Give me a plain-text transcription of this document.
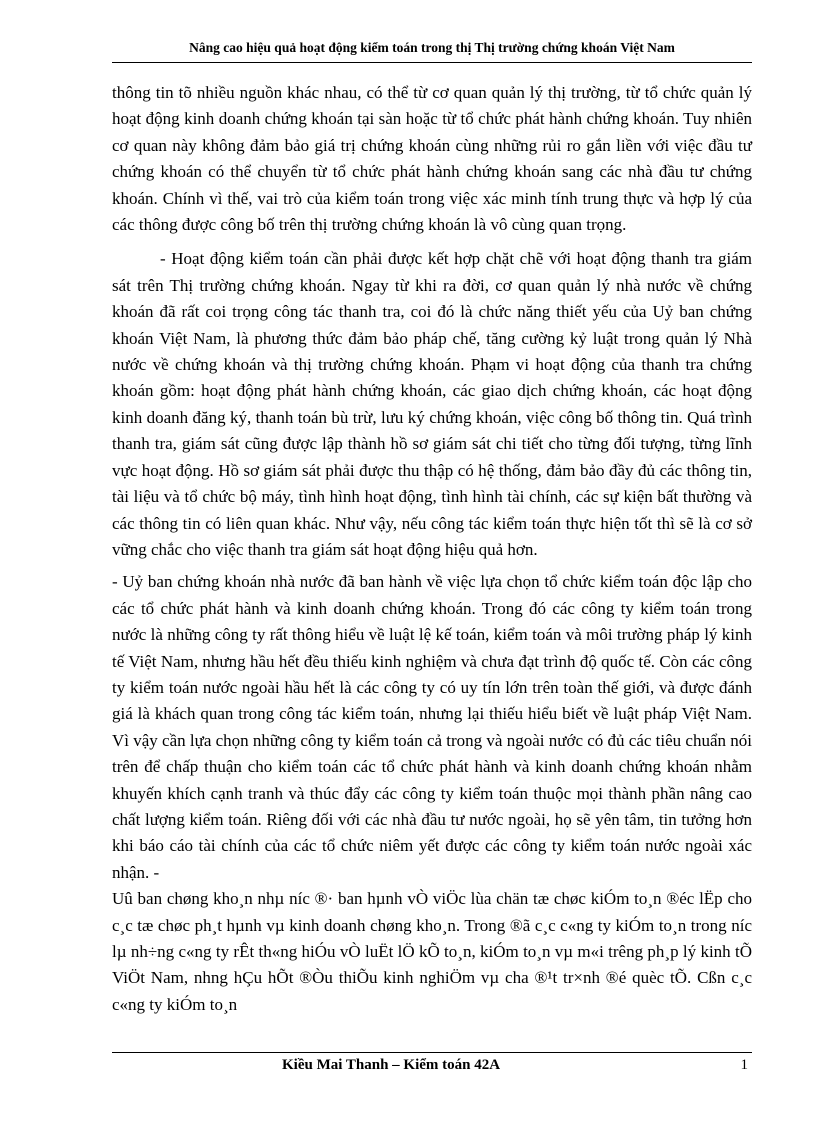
Nâng cao hiệu quả hoạt động kiểm toán trong thị Thị trường chứng khoán Việt Nam

thông tin tõ nhiều nguồn khác nhau, có thể từ cơ quan quản lý thị trường, từ tổ chức quản lý hoạt động kinh doanh chứng khoán tại sàn hoặc từ tổ chức phát hành chứng khoán. Tuy nhiên cơ quan này không đảm bảo giá trị chứng khoán cùng những rủi ro gắn liền với việc đầu tư chứng khoán có thể chuyển từ tổ chức phát hành chứng khoán sang các nhà đầu tư chứng khoán. Chính vì thế, vai trò của kiểm toán trong việc xác minh tính trung thực và hợp lý của các thông được công bố trên thị trường chứng khoán là vô cùng quan trọng.

- Hoạt động kiểm toán cần phải được kết hợp chặt chẽ với hoạt động thanh tra giám sát trên Thị trường chứng khoán. Ngay từ khi ra đời, cơ quan quản lý nhà nước về chứng khoán đã rất coi trọng công tác thanh tra, coi đó là chức năng thiết yếu của Uỷ ban chứng khoán Việt Nam, là phương thức đảm bảo pháp chế, tăng cường kỷ luật trong quản lý Nhà nước về chứng khoán và thị trường chứng khoán. Phạm vi hoạt động của thanh tra chứng khoán gồm: hoạt động phát hành chứng khoán, các giao dịch chứng khoán, các hoạt động kinh doanh đăng ký, thanh toán bù trừ, lưu ký chứng khoán, việc công bố thông tin. Quá trình thanh tra, giám sát cũng được lập thành hồ sơ giám sát chi tiết cho từng đối tượng, từng lĩnh vực hoạt động. Hồ sơ giám sát phải được thu thập có hệ thống, đảm bảo đầy đủ các thông tin, tài liệu và tổ chức bộ máy, tình hình hoạt động, tình hình tài chính, các sự kiện bất thường và các thông tin có liên quan khác. Như vậy, nếu công tác kiểm toán thực hiện tốt thì sẽ là cơ sở vững chắc cho việc thanh tra giám sát hoạt động hiệu quả hơn.

- Uỷ ban chứng khoán nhà nước đã ban hành về việc lựa chọn tổ chức kiểm toán độc lập cho các tổ chức phát hành và kinh doanh chứng khoán. Trong đó các công ty kiểm toán trong nước là những công ty rất thông hiểu về luật lệ kế toán, kiểm toán và môi trường pháp lý kinh tế Việt Nam, nhưng hầu hết đều thiếu kinh nghiệm và chưa đạt trình độ quốc tế. Còn các công ty kiểm toán nước ngoài hầu hết là các công ty có uy tín lớn trên toàn thế giới, và được đánh giá là khách quan trong công tác kiểm toán, nhưng lại thiếu hiểu biết về luật pháp Việt Nam. Vì vậy cần lựa chọn những công ty kiểm toán cả trong và ngoài nước có đủ các tiêu chuẩn nói trên để chấp thuận cho kiểm toán các tổ chức phát hành và kinh doanh chứng khoán nhằm khuyến khích cạnh tranh và thúc đẩy các công ty kiểm toán thuộc mọi thành phần nâng cao chất lượng kiểm toán. Riêng đối với các nhà đầu tư nước ngoài, họ sẽ yên tâm, tin tưởng hơn khi báo cáo tài chính của các tổ chức niêm yết được các công ty kiểm toán nước ngoài xác nhận. -

Uû ban chøng kho¸n nhµ níc ®· ban hµnh vÒ viÖc lùa chän tæ chøc kiÓm to¸n ®éc lËp cho c¸c tæ chøc ph¸t hµnh vµ kinh doanh chøng kho¸n. Trong ®ã c¸c c«ng ty kiÓm to¸n trong níc lµ nh÷ng c«ng ty rÊt th«ng hiÓu vÒ luËt lÖ kÕ to¸n, kiÓm to¸n vµ m«i trêng ph¸p lý kinh tÕ ViÖt Nam, nhng hÇu hÕt ®Òu thiÕu kinh nghiÖm vµ cha ®¹t tr×nh ®é quèc tÕ. Cßn c¸c c«ng ty kiÓm to¸n

Kiều Mai Thanh – Kiểm toán 42A	1
